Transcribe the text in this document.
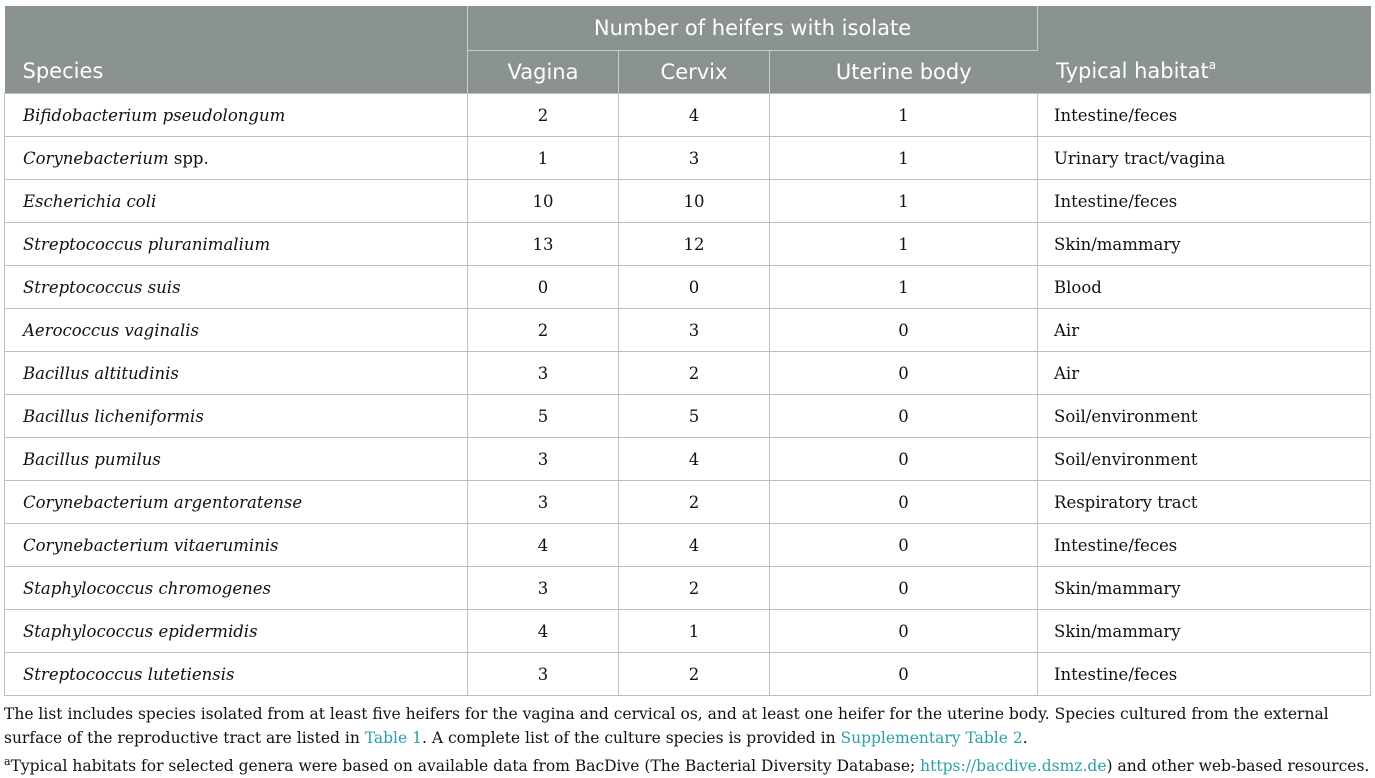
Species	Number of heifers with isolate			Typical habitat$^a$
	Vagina	Cervix	Uterine body	
Bifidobacterium pseudolongum	2	4	1	Intestine/feces
Corynebacterium spp.	1	3	1	Urinary tract/vagina
Escherichia coli	10	10	1	Intestine/feces
Streptococcus pluranimalium	13	12	1	Skin/mammary
Streptococcus suis	0	0	1	Blood
Aerococcus vaginalis	2	3	0	Air
Bacillus altitudinis	3	2	0	Air
Bacillus licheniformis	5	5	0	Soil/environment
Bacillus pumilus	3	4	0	Soil/environment
Corynebacterium argentoratense	3	2	0	Respiratory tract
Corynebacterium vitaeruminis	4	4	0	Intestine/feces
Staphylococcus chromogenes	3	2	0	Skin/mammary
Staphylococcus epidermidis	4	1	0	Skin/mammary
Streptococcus lutetiensis	3	2	0	Intestine/feces

The list includes species isolated from at least five heifers for the vagina and cervical os, and at least one heifer for the uterine body. Species cultured from the external surface of the reproductive tract are listed in Table 1. A complete list of the culture species is provided in Supplementary Table 2.

$^a$Typical habitats for selected genera were based on available data from BacDive (The Bacterial Diversity Database; https://bacdive.dsmz.de) and other web-based resources.
